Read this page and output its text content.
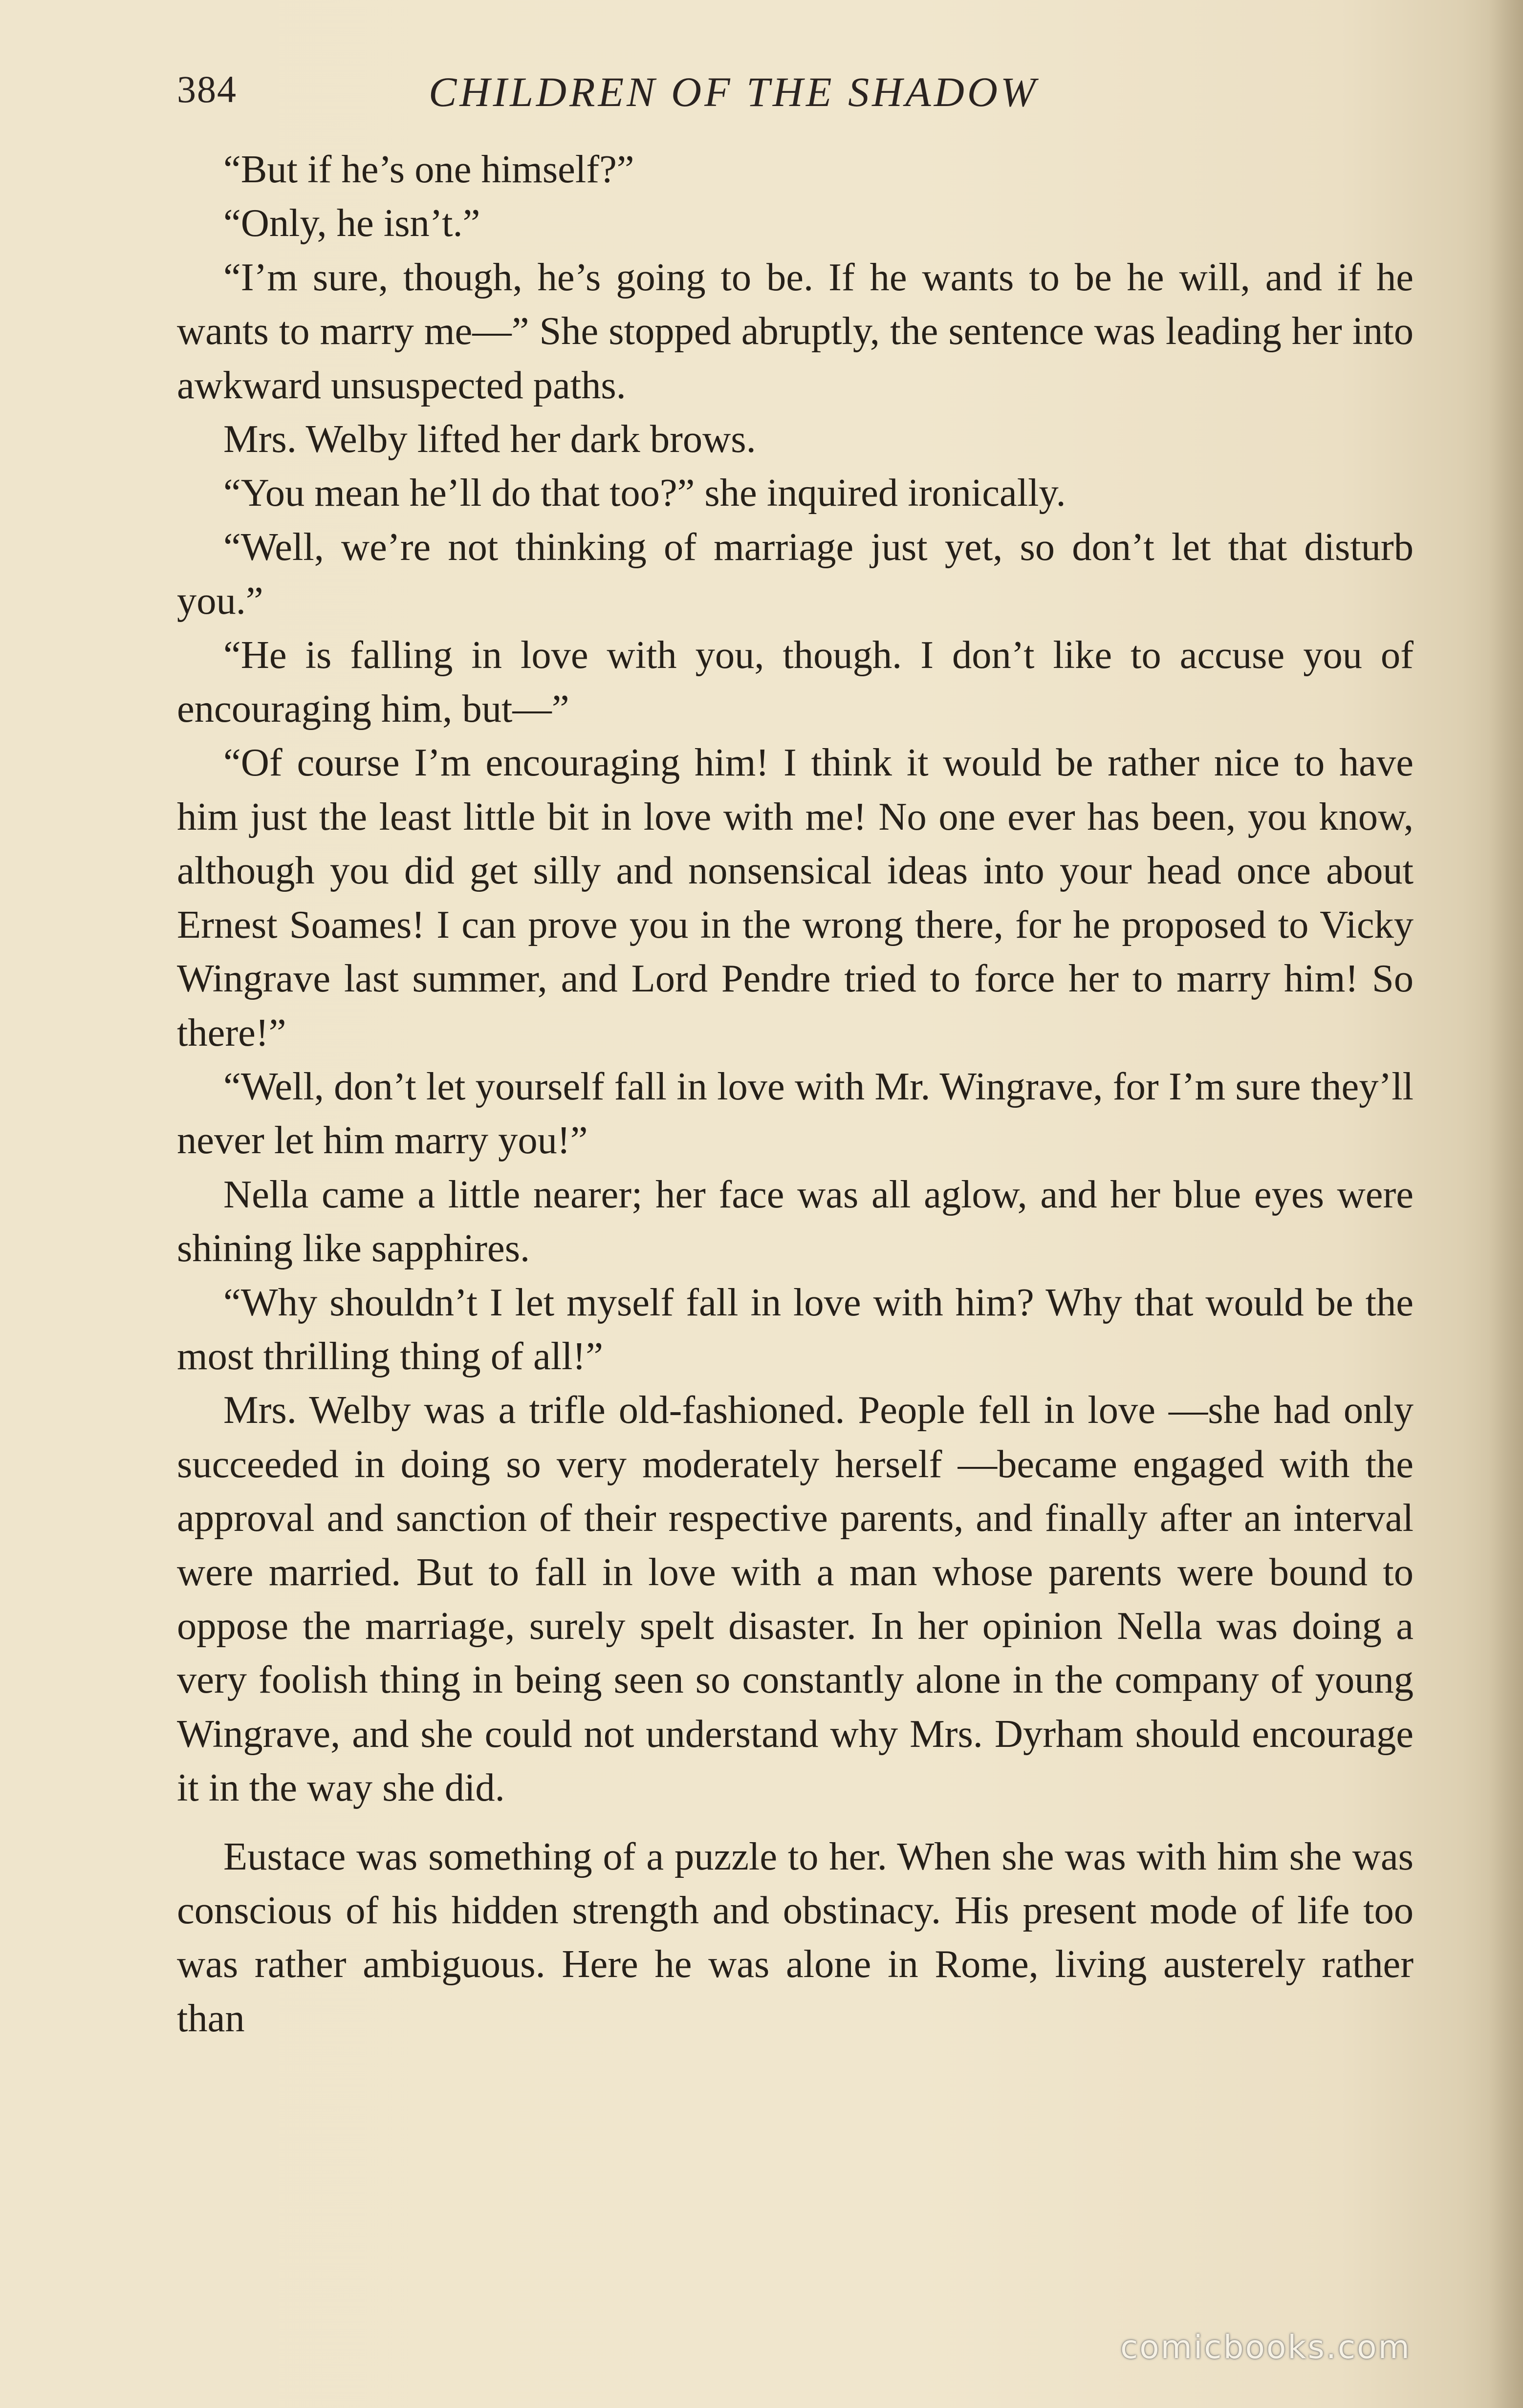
384	CHILDREN OF THE SHADOW

“But if he’s one himself?”

“Only, he isn’t.”

“I’m sure, though, he’s going to be. If he wants to be he will, and if he wants to marry me—” She stopped abruptly, the sentence was leading her into awkward unsuspected paths.

Mrs. Welby lifted her dark brows.

“You mean he’ll do that too?” she inquired ironically.

“Well, we’re not thinking of marriage just yet, so don’t let that disturb you.”

“He is falling in love with you, though. I don’t like to accuse you of encouraging him, but—”

“Of course I’m encouraging him! I think it would be rather nice to have him just the least little bit in love with me! No one ever has been, you know, although you did get silly and nonsensical ideas into your head once about Ernest Soames! I can prove you in the wrong there, for he proposed to Vicky Wingrave last summer, and Lord Pendre tried to force her to marry him! So there!”

“Well, don’t let yourself fall in love with Mr. Wingrave, for I’m sure they’ll never let him marry you!”

Nella came a little nearer; her face was all aglow, and her blue eyes were shining like sapphires.

“Why shouldn’t I let myself fall in love with him? Why that would be the most thrilling thing of all!”

Mrs. Welby was a trifle old-fashioned. People fell in love —she had only succeeded in doing so very moderately herself —became engaged with the approval and sanction of their respective parents, and finally after an interval were married. But to fall in love with a man whose parents were bound to oppose the marriage, surely spelt disaster. In her opinion Nella was doing a very foolish thing in being seen so constantly alone in the company of young Wingrave, and she could not understand why Mrs. Dyrham should encourage it in the way she did.

Eustace was something of a puzzle to her. When she was with him she was conscious of his hidden strength and obstinacy. His present mode of life too was rather ambiguous. Here he was alone in Rome, living austerely rather than

comicbooks.com
